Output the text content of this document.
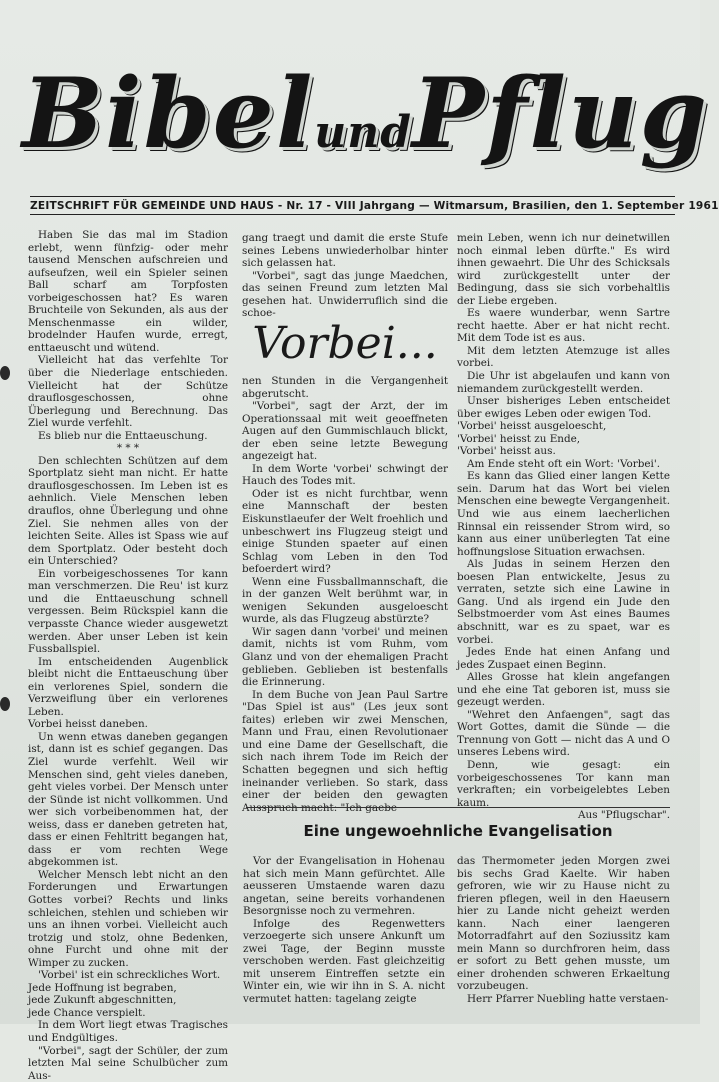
BibelundPflug
ZEITSCHRIFT FÜR GEMEINDE UND HAUS - Nr. 17 - VIII Jahrgang — Witmarsum, Brasilien, den 1. September 1961

Haben Sie das mal im Stadion erlebt, wenn fünfzig- oder mehr tausend Menschen aufschreien und aufseufzen, weil ein Spieler seinen Ball scharf am Torpfosten vorbeigeschossen hat? Es waren Bruchteile von Sekunden, als aus der Menschenmasse ein wilder, brodelnder Haufen wurde, erregt, enttaeuscht und wütend.

Vielleicht hat das verfehlte Tor über die Niederlage entschieden. Vielleicht hat der Schütze drauflosgeschossen, ohne Überlegung und Berechnung. Das Ziel wurde verfehlt.

Es blieb nur die Enttaeuschung.

* * *

Den schlechten Schützen auf dem Sportplatz sieht man nicht. Er hatte drauflosgeschossen. Im Leben ist es aehnlich. Viele Menschen leben drauflos, ohne Überlegung und ohne Ziel. Sie nehmen alles von der leichten Seite. Alles ist Spass wie auf dem Sportplatz. Oder besteht doch ein Unterschied?

Ein vorbeigeschossenes Tor kann man verschmerzen. Die Reu' ist kurz und die Enttaeuschung schnell vergessen. Beim Rückspiel kann die verpasste Chance wieder ausgewetzt werden. Aber unser Leben ist kein Fussballspiel.

Im entscheidenden Augenblick bleibt nicht die Enttaeuschung über ein verlorenes Spiel, sondern die Verzweiflung über ein verlorenes Leben.

Vorbei heisst daneben.

Un wenn etwas daneben gegangen ist, dann ist es schief gegangen. Das Ziel wurde verfehlt. Weil wir Menschen sind, geht vieles daneben, geht vieles vorbei. Der Mensch unter der Sünde ist nicht vollkommen. Und wer sich vorbeibenommen hat, der weiss, dass er daneben getreten hat, dass er einen Fehltritt begangen hat, dass er vom rechten Wege abgekommen ist.

Welcher Mensch lebt nicht an den Forderungen und Erwartungen Gottes vorbei? Rechts und links schleichen, stehlen und schieben wir uns an ihnen vorbei. Vielleicht auch trotzig und stolz, ohne Bedenken, ohne Furcht und ohne mit der Wimper zu zucken.

'Vorbei' ist ein schreckliches Wort.

Jede Hoffnung ist begraben,

jede Zukunft abgeschnitten,

jede Chance verspielt.

In dem Wort liegt etwas Tragisches und Endgültiges.

"Vorbei", sagt der Schüler, der zum letzten Mal seine Schulbücher zum Aus-

gang traegt und damit die erste Stufe seines Lebens unwiederholbar hinter sich gelassen hat.

"Vorbei", sagt das junge Maedchen, das seinen Freund zum letzten Mal gesehen hat. Unwiderruflich sind die schoe-

Vorbei...

nen Stunden in die Vergangenheit abgerutscht.

"Vorbei", sagt der Arzt, der im Operationssaal mit weit geoeffneten Augen auf den Gummischlauch blickt, der eben seine letzte Bewegung angezeigt hat.

In dem Worte 'vorbei' schwingt der Hauch des Todes mit.

Oder ist es nicht furchtbar, wenn eine Mannschaft der besten Eiskunstlaeufer der Welt froehlich und unbeschwert ins Flugzeug steigt und einige Stunden spaeter auf einen Schlag vom Leben in den Tod befoerdert wird?

Wenn eine Fussballmannschaft, die in der ganzen Welt berühmt war, in wenigen Sekunden ausgeloescht wurde, als das Flugzeug abstürzte?

Wir sagen dann 'vorbei' und meinen damit, nichts ist vom Ruhm, vom Glanz und von der ehemaligen Pracht geblieben. Geblieben ist bestenfalls die Erinnerung.

In dem Buche von Jean Paul Sartre "Das Spiel ist aus" (Les jeux sont faites) erleben wir zwei Menschen, Mann und Frau, einen Revolutionaer und eine Dame der Gesellschaft, die sich nach ihrem Tode im Reich der Schatten begegnen und sich heftig ineinander verlieben. So stark, dass einer der beiden den gewagten Ausspruch macht: "Ich gaebe

mein Leben, wenn ich nur deinetwillen noch einmal leben dürfte." Es wird ihnen gewaehrt. Die Uhr des Schicksals wird zurückgestellt unter der Bedingung, dass sie sich vorbehaltlis der Liebe ergeben.

Es waere wunderbar, wenn Sartre recht haette. Aber er hat nicht recht. Mit dem Tode ist es aus.

Mit dem letzten Atemzuge ist alles vorbei.

Die Uhr ist abgelaufen und kann von niemandem zurückgestellt werden.

Unser bisheriges Leben entscheidet über ewiges Leben oder ewigen Tod.

'Vorbei' heisst ausgeloescht,

'Vorbei' heisst zu Ende,

'Vorbei' heisst aus.

Am Ende steht oft ein Wort: 'Vorbei'.

Es kann das Glied einer langen Kette sein. Darum hat das Wort bei vielen Menschen eine bewegte Vergangenheit. Und wie aus einem laecherlichen Rinnsal ein reissender Strom wird, so kann aus einer unüberlegten Tat eine hoffnungslose Situation erwachsen.

Als Judas in seinem Herzen den boesen Plan entwickelte, Jesus zu verraten, setzte sich eine Lawine in Gang. Und als irgend ein Jude den Selbstmoerder vom Ast eines Baumes abschnitt, war es zu spaet, war es vorbei.

Jedes Ende hat einen Anfang und jedes Zuspaet einen Beginn.

Alles Grosse hat klein angefangen und ehe eine Tat geboren ist, muss sie gezeugt werden.

"Wehret den Anfaengen", sagt das Wort Gottes, damit die Sünde — die Trennung von Gott — nicht das A und O unseres Lebens wird.

Denn, wie gesagt: ein vorbeigeschossenes Tor kann man verkraften; ein vorbeigelebtes Leben kaum.

Aus "Pflugschar".

Eine ungewoehnliche Evangelisation

Vor der Evangelisation in Hohenau hat sich mein Mann gefürchtet. Alle aeusseren Umstaende waren dazu angetan, seine bereits vorhandenen Besorgnisse noch zu vermehren.

Infolge des Regenwetters verzoegerte sich unsere Ankunft um zwei Tage, der Beginn musste verschoben werden. Fast gleichzeitig mit unserem Eintreffen setzte ein Winter ein, wie wir ihn in S. A. nicht vermutet hatten: tagelang zeigte

das Thermometer jeden Morgen zwei bis sechs Grad Kaelte. Wir haben gefroren, wie wir zu Hause nicht zu frieren pflegen, weil in den Haeusern hier zu Lande nicht geheizt werden kann. Nach einer laengeren Motorradfahrt auf den Soziussitz kam mein Mann so durchfroren heim, dass er sofort zu Bett gehen musste, um einer drohenden schweren Erkaeltung vorzubeugen.

Herr Pfarrer Nuebling hatte verstaen-
